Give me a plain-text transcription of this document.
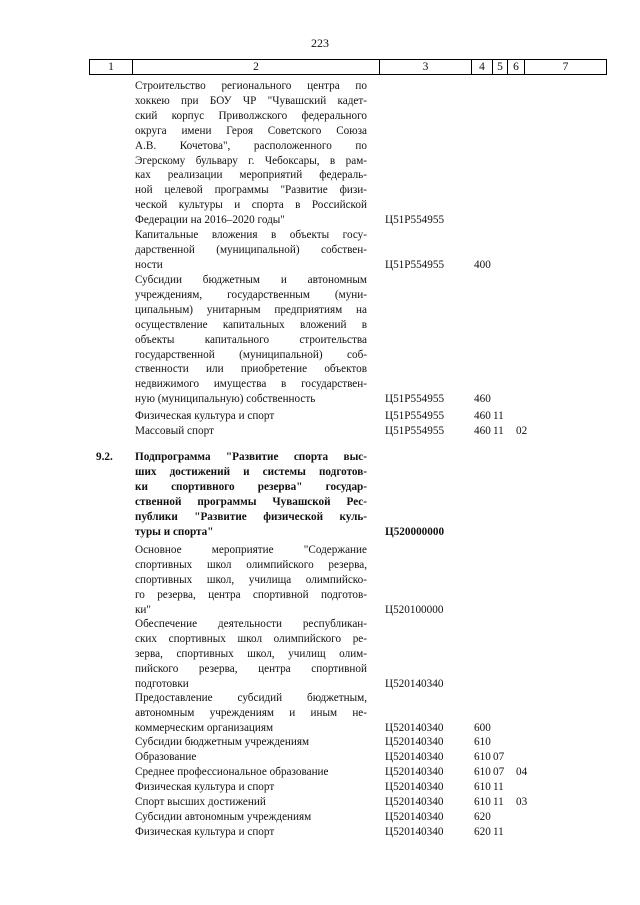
223
1	2	3	4	5 6	7
Строительство регионального центра по
хоккею при БОУ ЧР "Чувашский кадет-
ский корпус Приволжского федерального
округа имени Героя Советского Союза
А.В. Кочетова", расположенного по
Эгерскому бульвару г. Чебоксары, в рам-
ках реализации мероприятий федераль-
ной целевой программы "Развитие физи-
ческой культуры и спорта в Российской
Федерации на 2016–2020 годы"	Ц51Р554955
Капитальные вложения в объекты госу-
дарственной (муниципальной) собствен-
ности	Ц51Р554955	400
Субсидии бюджетным и автономным
учреждениям, государственным (муни-
ципальным) унитарным предприятиям на
осуществление капитальных вложений в
объекты капитального строительства
государственной (муниципальной) соб-
ственности или приобретение объектов
недвижимого имущества в государствен-
ную (муниципальную) собственность	Ц51Р554955	460
Физическая культура и спорт	Ц51Р554955	460 11
Массовый спорт	Ц51Р554955	460 11 02
9.2. Подпрограмма "Развитие спорта выс-
ших достижений и системы подготов-
ки спортивного резерва" государ-
ственной программы Чувашской Рес-
публики "Развитие физической куль-
туры и спорта"	Ц520000000
Основное мероприятие "Содержание
спортивных школ олимпийского резерва,
спортивных школ, училища олимпийско-
го резерва, центра спортивной подготов-
ки"	Ц520100000
Обеспечение деятельности республикан-
ских спортивных школ олимпийского ре-
зерва, спортивных школ, училищ олим-
пийского резерва, центра спортивной
подготовки	Ц520140340
Предоставление субсидий бюджетным,
автономным учреждениям и иным не-
коммерческим организациям	Ц520140340	600
Субсидии бюджетным учреждениям	Ц520140340	610
Образование	Ц520140340	610 07
Среднее профессиональное образование	Ц520140340	610 07 04
Физическая культура и спорт	Ц520140340	610 11
Спорт высших достижений	Ц520140340	610 11 03
Субсидии автономным учреждениям	Ц520140340	620
Физическая культура и спорт	Ц520140340	620 11
